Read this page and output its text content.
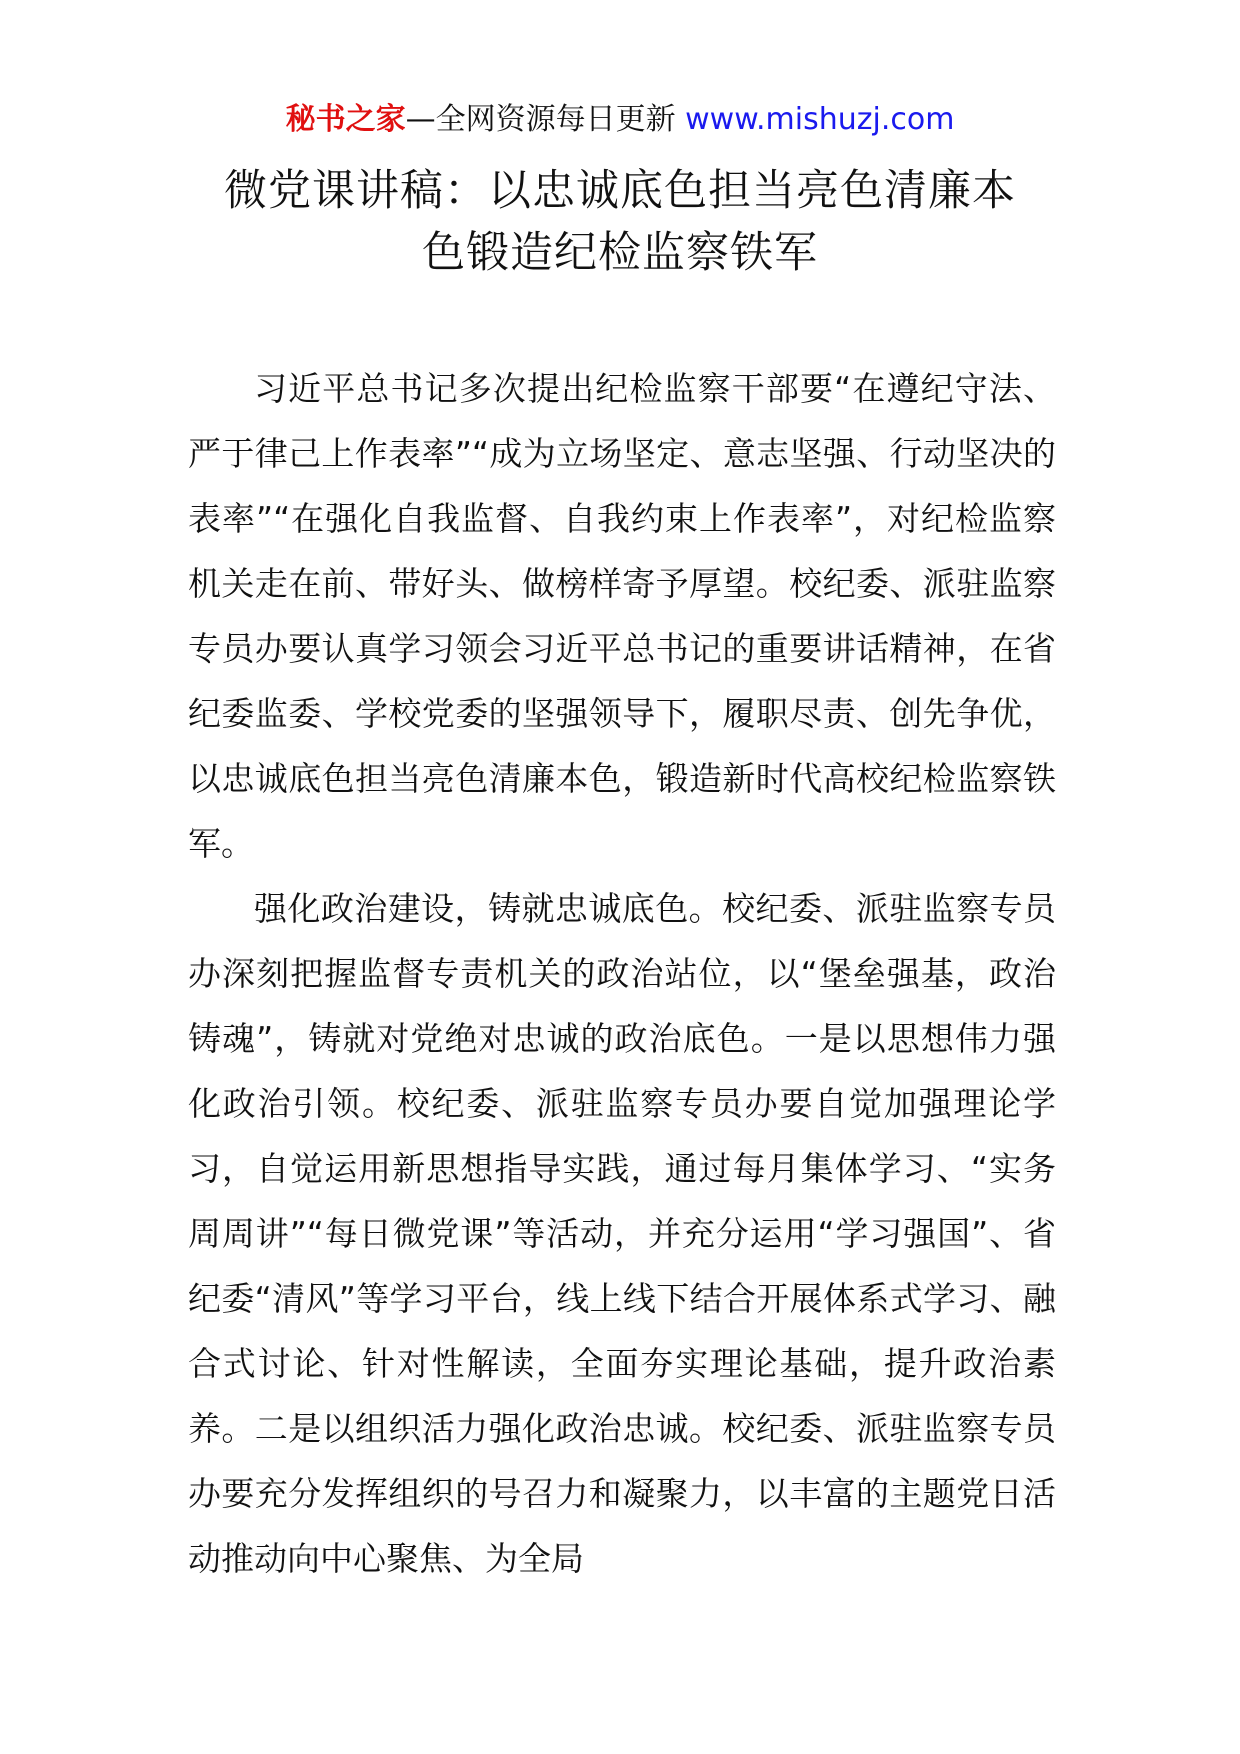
秘书之家—全网资源每日更新 www.mishuzj.com
微党课讲稿：以忠诚底色担当亮色清廉本
色锻造纪检监察铁军

习近平总书记多次提出纪检监察干部要“在遵纪守法、严于律己上作表率”“成为立场坚定、意志坚强、行动坚决的表率”“在强化自我监督、自我约束上作表率”，对纪检监察机关走在前、带好头、做榜样寄予厚望。校纪委、派驻监察专员办要认真学习领会习近平总书记的重要讲话精神，在省纪委监委、学校党委的坚强领导下，履职尽责、创先争优，以忠诚底色担当亮色清廉本色，锻造新时代高校纪检监察铁军。

强化政治建设，铸就忠诚底色。校纪委、派驻监察专员办深刻把握监督专责机关的政治站位，以“堡垒强基，政治铸魂”，铸就对党绝对忠诚的政治底色。一是以思想伟力强化政治引领。校纪委、派驻监察专员办要自觉加强理论学习，自觉运用新思想指导实践，通过每月集体学习、“实务周周讲”“每日微党课”等活动，并充分运用“学习强国”、省纪委“清风”等学习平台，线上线下结合开展体系式学习、融合式讨论、针对性解读，全面夯实理论基础，提升政治素养。二是以组织活力强化政治忠诚。校纪委、派驻监察专员办要充分发挥组织的号召力和凝聚力，以丰富的主题党日活动推动向中心聚焦、为全局
